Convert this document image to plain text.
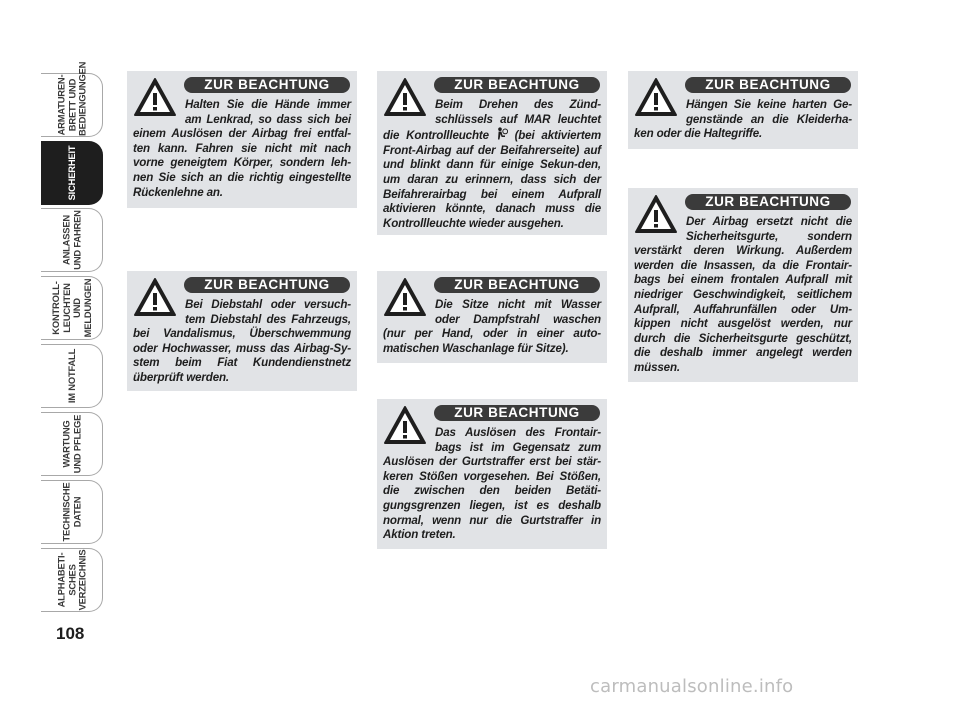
ARMATUREN-
BRETT UND
BEDIENGUNGEN
SICHERHEIT
ANLASSEN
UND FAHREN
KONTROLL-
LEUCHTEN UND
MELDUNGEN
IM NOTFALL
WARTUNG
UND PFLEGE
TECHNISCHE
DATEN
ALPHABETI-
SCHES
VERZEICHNIS
108
ZUR BEACHTUNG
Halten Sie die Hände immer am Lenkrad, so dass sich bei einem Auslösen der Airbag frei entfal-ten kann. Fahren sie nicht mit nach vorne geneigtem Körper, sondern leh-nen Sie sich an die richtig eingestellte Rückenlehne an.
ZUR BEACHTUNG
Bei Diebstahl oder versuch-tem Diebstahl des Fahrzeugs, bei Vandalismus, Überschwemmung oder Hochwasser, muss das Airbag-Sy-stem beim Fiat Kundendienstnetz überprüft werden.
ZUR BEACHTUNG
Beim Drehen des Zünd-schlüssels auf MAR leuchtet die Kontrollleuchte  (bei aktiviertem Front-Airbag auf der Beifahrerseite) auf und blinkt dann für einige Sekun-den, um daran zu erinnern, dass sich der Beifahrerairbag bei einem Aufprall aktivieren könnte, danach muss die Kontrollleuchte wieder ausgehen.
ZUR BEACHTUNG
Die Sitze nicht mit Wasser oder Dampfstrahl waschen (nur per Hand, oder in einer auto-matischen Waschanlage für Sitze).
ZUR BEACHTUNG
Das Auslösen des Frontair-bags ist im Gegensatz zum Auslösen der Gurtstraffer erst bei stär-keren Stößen vorgesehen. Bei Stößen, die zwischen den beiden Betäti-gungsgrenzen liegen, ist es deshalb normal, wenn nur die Gurtstraffer in Aktion treten.
ZUR BEACHTUNG
Hängen Sie keine harten Ge-genstände an die Kleiderha-ken oder die Haltegriffe.
ZUR BEACHTUNG
Der Airbag ersetzt nicht die Sicherheitsgurte, sondern verstärkt deren Wirkung. Außerdem werden die Insassen, da die Frontair-bags bei einem frontalen Aufprall mit niedriger Geschwindigkeit, seitlichem Aufprall, Auffahrunfällen oder Um-kippen nicht ausgelöst werden, nur durch die Sicherheitsgurte geschützt, die deshalb immer angelegt werden müssen.
carmanualsonline.info
